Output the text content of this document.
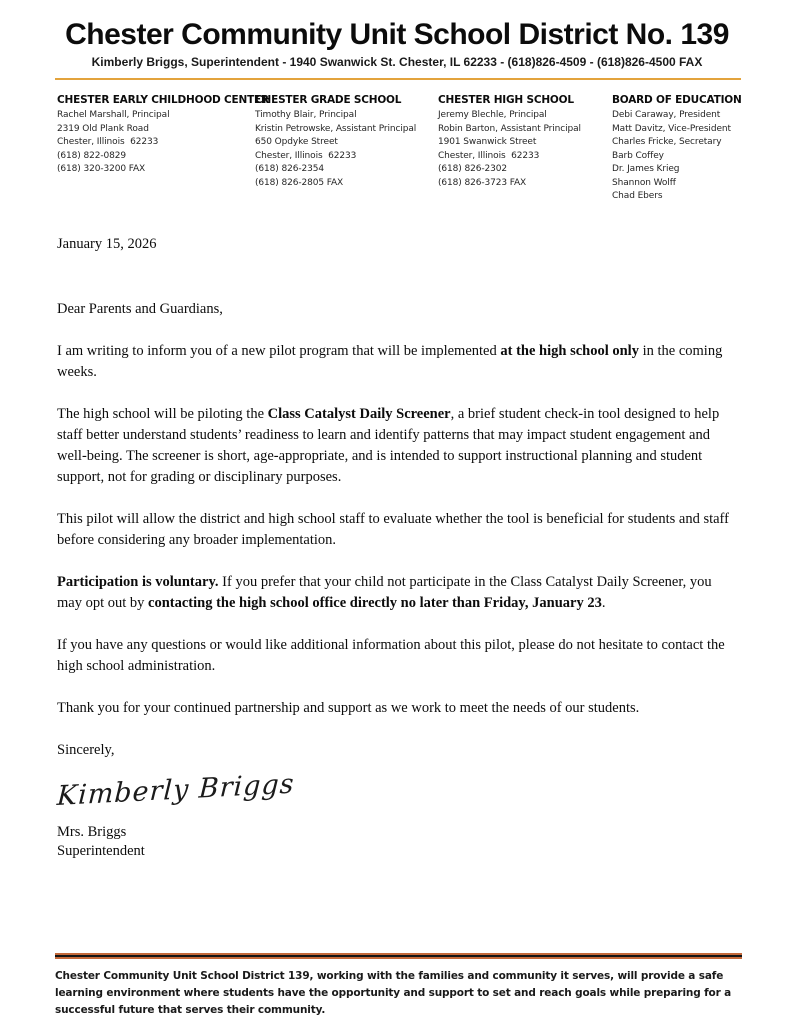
Chester Community Unit School District No. 139
Kimberly Briggs, Superintendent - 1940 Swanwick St. Chester, IL 62233 - (618)826-4509 - (618)826-4500 FAX
CHESTER EARLY CHILDHOOD CENTER
Rachel Marshall, Principal
2319 Old Plank Road
Chester, Illinois  62233
(618) 822-0829
(618) 320-3200 FAX
CHESTER GRADE SCHOOL
Timothy Blair, Principal
Kristin Petrowske, Assistant Principal
650 Opdyke Street
Chester, Illinois  62233
(618) 826-2354
(618) 826-2805 FAX
CHESTER HIGH SCHOOL
Jeremy Blechle, Principal
Robin Barton, Assistant Principal
1901 Swanwick Street
Chester, Illinois  62233
(618) 826-2302
(618) 826-3723 FAX
BOARD OF EDUCATION
Debi Caraway, President
Matt Davitz, Vice-President
Charles Fricke, Secretary
Barb Coffey
Dr. James Krieg
Shannon Wolff
Chad Ebers
January 15, 2026
Dear Parents and Guardians,

I am writing to inform you of a new pilot program that will be implemented at the high school only in the coming weeks.

The high school will be piloting the Class Catalyst Daily Screener, a brief student check-in tool designed to help staff better understand students’ readiness to learn and identify patterns that may impact student engagement and well-being. The screener is short, age-appropriate, and is intended to support instructional planning and student support, not for grading or disciplinary purposes.

This pilot will allow the district and high school staff to evaluate whether the tool is beneficial for students and staff before considering any broader implementation.

Participation is voluntary. If you prefer that your child not participate in the Class Catalyst Daily Screener, you may opt out by contacting the high school office directly no later than Friday, January 23.

If you have any questions or would like additional information about this pilot, please do not hesitate to contact the high school administration.

Thank you for your continued partnership and support as we work to meet the needs of our students.

Sincerely,
Kimberly Briggs
Mrs. Briggs
Superintendent
Chester Community Unit School District 139, working with the families and community it serves, will provide a safe learning environment where students have the opportunity and support to set and reach goals while preparing for a successful future that serves their community.
